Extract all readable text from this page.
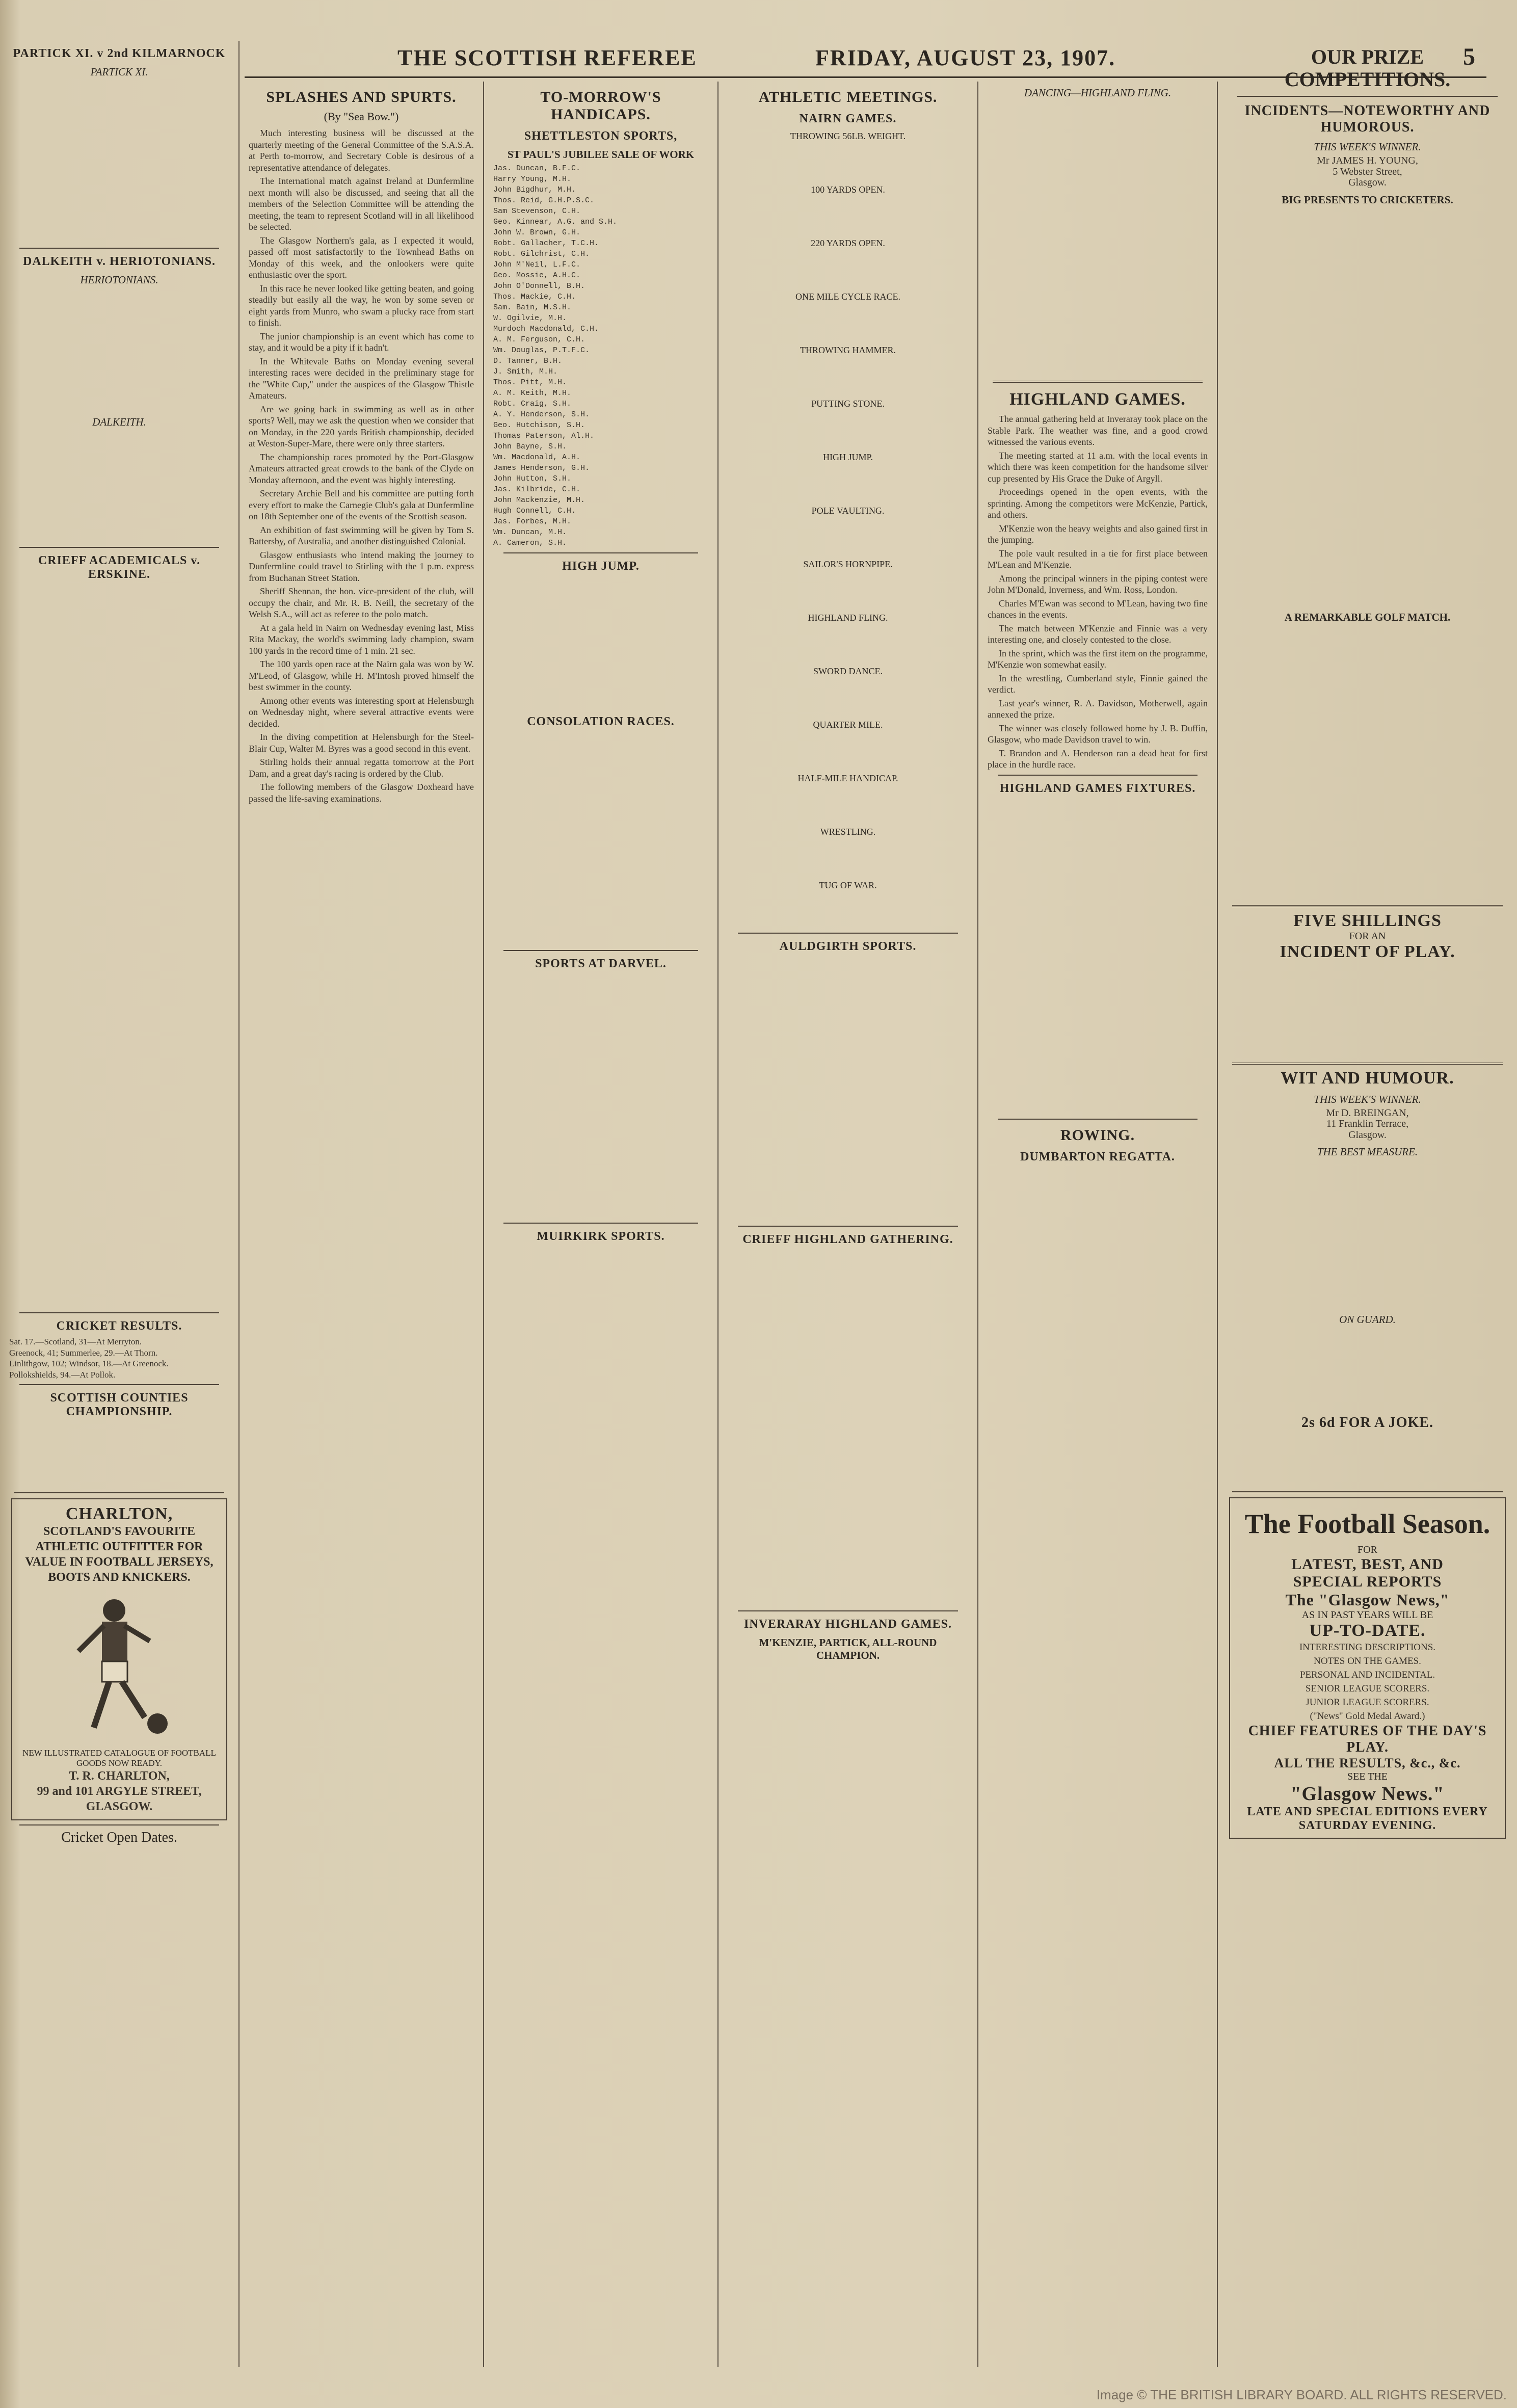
THE SCOTTISH REFEREE	FRIDAY, AUGUST 23, 1907.	5
PARTICK XI. v 2nd KILMARNOCK
PARTICK XI.
DALKEITH v. HERIOTONIANS.
HERIOTONIANS.
DALKEITH.
CRIEFF ACADEMICALS v. ERSKINE.
CRICKET RESULTS.
Sat. 17.—Scotland, 31—At Merryton.
Greenock, 41; Summerlee, 29.—At Thorn.
Linlithgow, 102; Windsor, 18.—At Greenock.
Pollokshields, 94.—At Pollok.
SCOTTISH COUNTIES CHAMPIONSHIP.
CHARLTON,
SCOTLAND'S FAVOURITE ATHLETIC OUTFITTER FOR VALUE IN FOOTBALL JERSEYS, BOOTS AND KNICKERS.
NEW ILLUSTRATED CATALOGUE OF FOOTBALL GOODS NOW READY.
T. R. CHARLTON,
99 and 101 ARGYLE STREET,
GLASGOW.
Cricket Open Dates.
SPLASHES AND SPURTS.
(By "Sea Bow.")

Much interesting business will be discussed at the quarterly meeting of the General Committee of the S.A.S.A. at Perth to-morrow, and Secretary Coble is desirous of a representative attendance of delegates.

The International match against Ireland at Dunfermline next month will also be discussed, and seeing that all the members of the Selection Committee will be attending the meeting, the team to represent Scotland will in all likelihood be selected.

The Glasgow Northern's gala, as I expected it would, passed off most satisfactorily to the Townhead Baths on Monday of this week, and the onlookers were quite enthusiastic over the sport.

In this race he never looked like getting beaten, and going steadily but easily all the way, he won by some seven or eight yards from Munro, who swam a plucky race from start to finish.

The junior championship is an event which has come to stay, and it would be a pity if it hadn't.

In the Whitevale Baths on Monday evening several interesting races were decided in the preliminary stage for the "White Cup," under the auspices of the Glasgow Thistle Amateurs.

Are we going back in swimming as well as in other sports? Well, may we ask the question when we consider that on Monday, in the 220 yards British championship, decided at Weston-Super-Mare, there were only three starters.

The championship races promoted by the Port-Glasgow Amateurs attracted great crowds to the bank of the Clyde on Monday afternoon, and the event was highly interesting.

Secretary Archie Bell and his committee are putting forth every effort to make the Carnegie Club's gala at Dunfermline on 18th September one of the events of the Scottish season.

An exhibition of fast swimming will be given by Tom S. Battersby, of Australia, and another distinguished Colonial.

Glasgow enthusiasts who intend making the journey to Dunfermline could travel to Stirling with the 1 p.m. express from Buchanan Street Station.

Sheriff Shennan, the hon. vice-president of the club, will occupy the chair, and Mr. R. B. Neill, the secretary of the Welsh S.A., will act as referee to the polo match.

At a gala held in Nairn on Wednesday evening last, Miss Rita Mackay, the world's swimming lady champion, swam 100 yards in the record time of 1 min. 21 sec.

The 100 yards open race at the Nairn gala was won by W. M'Leod, of Glasgow, while H. M'Intosh proved himself the best swimmer in the county.

Among other events was interesting sport at Helensburgh on Wednesday night, where several attractive events were decided.

In the diving competition at Helensburgh for the Steel-Blair Cup, Walter M. Byres was a good second in this event.

Stirling holds their annual regatta tomorrow at the Port Dam, and a great day's racing is ordered by the Club.

The following members of the Glasgow Doxheard have passed the life-saving examinations.

TO-MORROW'S HANDICAPS.
SHETTLESTON SPORTS,
ST PAUL'S JUBILEE SALE OF WORK
Jas. Duncan, B.F.C.
Harry Young, M.H.
John Bigdhur, M.H.
Thos. Reid, G.H.P.S.C.
Sam Stevenson, C.H.
Geo. Kinnear, A.G. and S.H.
John W. Brown, G.H.
Robt. Gallacher, T.C.H.
Robt. Gilchrist, C.H.
John M'Neil, L.F.C.
Geo. Mossie, A.H.C.
John O'Donnell, B.H.
Thos. Mackie, C.H.
Sam. Bain, M.S.H.
W. Ogilvie, M.H.
Murdoch Macdonald, C.H.
A. M. Ferguson, C.H.
Wm. Douglas, P.T.F.C.
D. Tanner, B.H.
J. Smith, M.H.
Thos. Pitt, M.H.
A. M. Keith, M.H.
Robt. Craig, S.H.
A. Y. Henderson, S.H.
Geo. Hutchison, S.H.
Thomas Paterson, Al.H.
John Bayne, S.H.
Wm. Macdonald, A.H.
James Henderson, G.H.
John Hutton, S.H.
Jas. Kilbride, C.H.
John Mackenzie, M.H.
Hugh Connell, C.H.
Jas. Forbes, M.H.
Wm. Duncan, M.H.
A. Cameron, S.H.
HIGH JUMP.
CONSOLATION RACES.
SPORTS AT DARVEL.
MUIRKIRK SPORTS.
ATHLETIC MEETINGS.
NAIRN GAMES.
THROWING 56LB. WEIGHT.
100 YARDS OPEN.
220 YARDS OPEN.
ONE MILE CYCLE RACE.
THROWING HAMMER.
PUTTING STONE.
HIGH JUMP.
POLE VAULTING.
SAILOR'S HORNPIPE.
HIGHLAND FLING.
SWORD DANCE.
QUARTER MILE.
HALF-MILE HANDICAP.
WRESTLING.
TUG OF WAR.
AULDGIRTH SPORTS.
CRIEFF HIGHLAND GATHERING.
INVERARAY HIGHLAND GAMES.
M'KENZIE, PARTICK, ALL-ROUND CHAMPION.
DANCING—HIGHLAND FLING.
HIGHLAND GAMES.

The annual gathering held at Inveraray took place on the Stable Park. The weather was fine, and a good crowd witnessed the various events.

The meeting started at 11 a.m. with the local events in which there was keen competition for the handsome silver cup presented by His Grace the Duke of Argyll.

Proceedings opened in the open events, with the sprinting. Among the competitors were McKenzie, Partick, and others.

M'Kenzie won the heavy weights and also gained first in the jumping.

The pole vault resulted in a tie for first place between M'Lean and M'Kenzie.

Among the principal winners in the piping contest were John M'Donald, Inverness, and Wm. Ross, London.

Charles M'Ewan was second to M'Lean, having two fine chances in the events.

The match between M'Kenzie and Finnie was a very interesting one, and closely contested to the close.

In the sprint, which was the first item on the programme, M'Kenzie won somewhat easily.

In the wrestling, Cumberland style, Finnie gained the verdict.

Last year's winner, R. A. Davidson, Motherwell, again annexed the prize.

The winner was closely followed home by J. B. Duffin, Glasgow, who made Davidson travel to win.

T. Brandon and A. Henderson ran a dead heat for first place in the hurdle race.

HIGHLAND GAMES FIXTURES.
ROWING.
DUMBARTON REGATTA.
OUR PRIZE COMPETITIONS.
INCIDENTS—NOTEWORTHY AND HUMOROUS.
THIS WEEK'S WINNER.
Mr JAMES H. YOUNG,
5 Webster Street,
Glasgow.
BIG PRESENTS TO CRICKETERS.
A REMARKABLE GOLF MATCH.
FIVE SHILLINGS
FOR AN
INCIDENT OF PLAY.
WIT AND HUMOUR.
THIS WEEK'S WINNER.
Mr D. BREINGAN,
11 Franklin Terrace,
Glasgow.
THE BEST MEASURE.
ON GUARD.
2s 6d FOR A JOKE.
The Football Season.
FOR
LATEST, BEST, AND
SPECIAL REPORTS
The "Glasgow News,"
AS IN PAST YEARS WILL BE
UP-TO-DATE.
INTERESTING DESCRIPTIONS.
NOTES ON THE GAMES.
PERSONAL AND INCIDENTAL.
SENIOR LEAGUE SCORERS.
JUNIOR LEAGUE SCORERS.
("News" Gold Medal Award.)
CHIEF FEATURES OF THE DAY'S PLAY.
ALL THE RESULTS, &c., &c.
SEE THE
"Glasgow News."
LATE AND SPECIAL EDITIONS EVERY SATURDAY EVENING.
Image © THE BRITISH LIBRARY BOARD. ALL RIGHTS RESERVED.
